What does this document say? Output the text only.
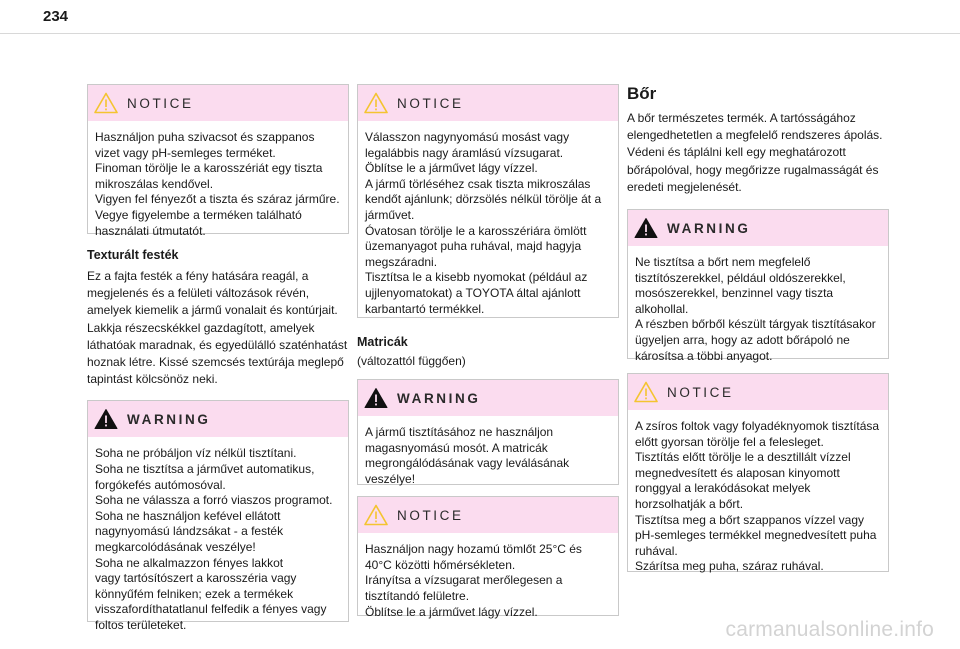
234
NOTICE

Használjon puha szivacsot és szappanos

vizet vagy pH-semleges terméket.

Finoman törölje le a karosszériát egy tiszta

mikroszálas kendővel.

Vigyen fel fényezőt a tiszta és száraz járműre.

Vegye figyelembe a terméken található

használati útmutatót.

Texturált festék

Ez a fajta festék a fény hatására reagál, a

megjelenés és a felületi változások révén,

amelyek kiemelik a jármű vonalait és kontúrjait.

Lakkja részecskékkel gazdagított, amelyek

láthatóak maradnak, és egyedülálló szaténhatást

hoznak létre. Kissé szemcsés textúrája meglepő

tapintást kölcsönöz neki.

WARNING

Soha ne próbáljon víz nélkül tisztítani.

Soha ne tisztítsa a járművet automatikus,

forgókefés autómosóval.

Soha ne válassza a forró viaszos programot.

Soha ne használjon kefével ellátott

nagynyomású lándzsákat - a festék

megkarcolódásának veszélye!

Soha ne alkalmazzon fényes lakkot

vagy tartósítószert a karosszéria vagy

könnyűfém felniken; ezek a termékek

visszafordíthatatlanul felfedik a fényes vagy

foltos területeket.

NOTICE

Válasszon nagynyomású mosást vagy

legalábbis nagy áramlású vízsugarat.

Öblítse le a járművet lágy vízzel.

A jármű törléséhez csak tiszta mikroszálas

kendőt ajánlunk; dörzsölés nélkül törölje át a

járművet.

Óvatosan törölje le a karosszériára ömlött

üzemanyagot puha ruhával, majd hagyja

megszáradni.

Tisztítsa le a kisebb nyomokat (például az

ujjlenyomatokat) a TOYOTA által ajánlott

karbantartó termékkel.

Matricák
(változattól függően)
WARNING

A jármű tisztításához ne használjon

magasnyomású mosót. A matricák

megrongálódásának vagy leválásának

veszélye!

NOTICE

Használjon nagy hozamú tömlőt 25°C és

40°C közötti hőmérsékleten.

Irányítsa a vízsugarat merőlegesen a

tisztítandó felületre.

Öblítse le a járművet lágy vízzel.

Bőr

A bőr természetes termék. A tartósságához

elengedhetetlen a megfelelő rendszeres ápolás.

Védeni és táplálni kell egy meghatározott

bőrápolóval, hogy megőrizze rugalmasságát és

eredeti megjelenését.

WARNING

Ne tisztítsa a bőrt nem megfelelő

tisztítószerekkel, például oldószerekkel,

mosószerekkel, benzinnel vagy tiszta

alkohollal.

A részben bőrből készült tárgyak tisztításakor

ügyeljen arra, hogy az adott bőrápoló ne

károsítsa a többi anyagot.

NOTICE

A zsíros foltok vagy folyadéknyomok tisztítása

előtt gyorsan törölje fel a felesleget.

Tisztítás előtt törölje le a desztillált vízzel

megnedvesített és alaposan kinyomott

ronggyal a lerakódásokat melyek

horzsolhatják a bőrt.

Tisztítsa meg a bőrt szappanos vízzel vagy

pH-semleges termékkel megnedvesített puha

ruhával.

Szárítsa meg puha, száraz ruhával.

carmanualsonline.info
